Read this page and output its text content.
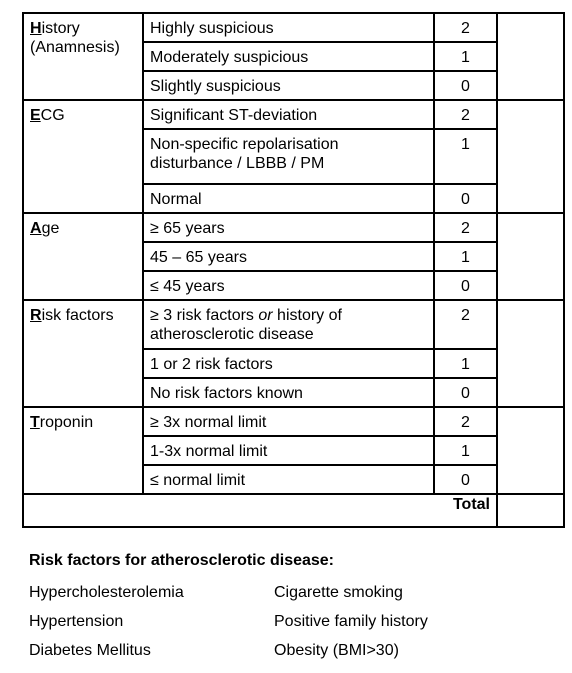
History
(Anamnesis)	Highly suspicious	2	
	Moderately suspicious	1	
	Slightly suspicious	0	
ECG	Significant ST-deviation	2	
	Non-specific repolarisation
disturbance / LBBB / PM	1	
	Normal	0	
Age	≥ 65 years	2	
	45 – 65 years	1	
	≤ 45 years	0	
Risk factors	≥ 3 risk factors or history of
atherosclerotic disease	2	
	1 or 2 risk factors	1	
	No risk factors known	0	
Troponin	≥ 3x normal limit	2	
	1-3x normal limit	1	
	≤ normal limit	0	
Total			
Risk factors for atherosclerotic disease:
Hypercholesterolemia	Cigarette smoking
Hypertension	Positive family history
Diabetes Mellitus	Obesity (BMI>30)
